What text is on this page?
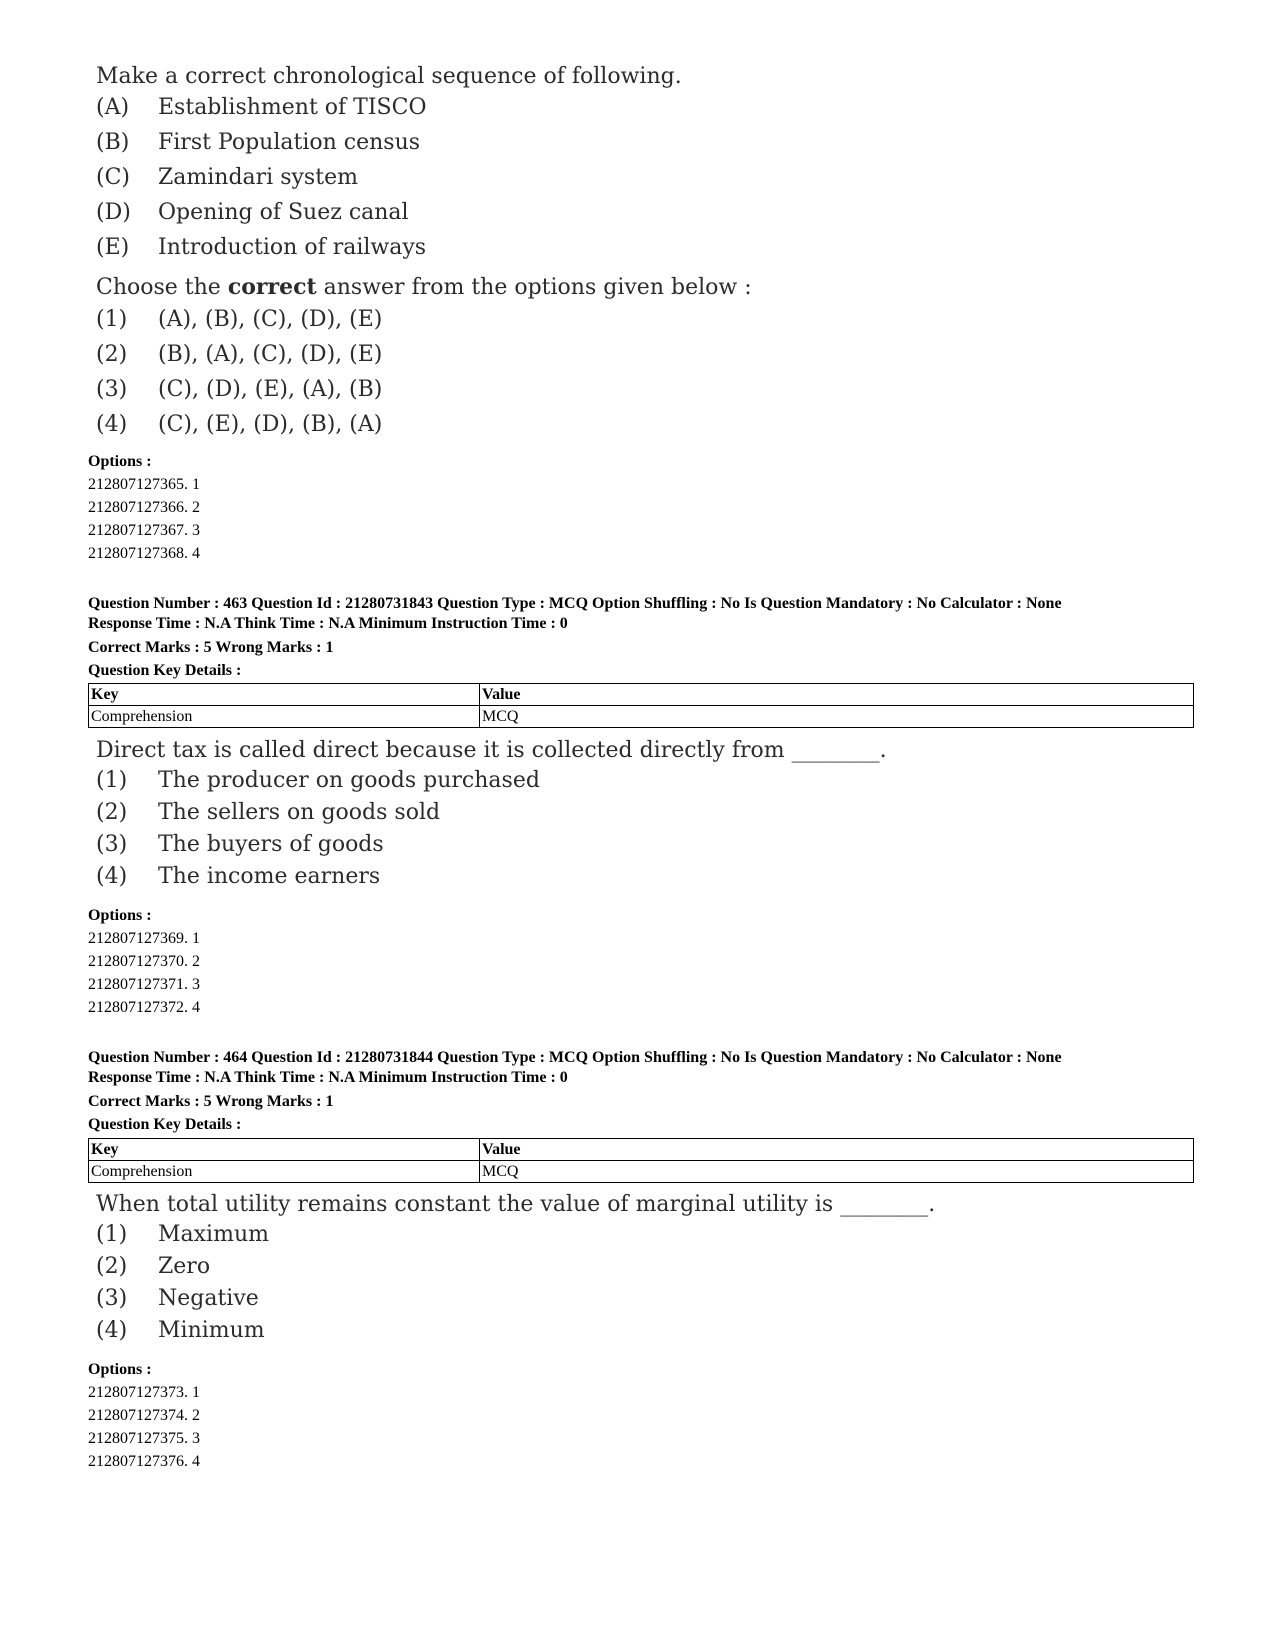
Make a correct chronological sequence of following.
(A)	Establishment of TISCO
(B)	First Population census
(C)	Zamindari system
(D)	Opening of Suez canal
(E)	Introduction of railways
Choose the correct answer from the options given below :
(1)	(A), (B), (C), (D), (E)
(2)	(B), (A), (C), (D), (E)
(3)	(C), (D), (E), (A), (B)
(4)	(C), (E), (D), (B), (A)
Options :
212807127365. 1
212807127366. 2
212807127367. 3
212807127368. 4
Question Number : 463 Question Id : 21280731843 Question Type : MCQ Option Shuffling : No Is Question Mandatory : No Calculator : None
Response Time : N.A Think Time : N.A Minimum Instruction Time : 0
Correct Marks : 5 Wrong Marks : 1
Question Key Details :
Key	Value
Comprehension	MCQ
Direct tax is called direct because it is collected directly from ________.
(1)	The producer on goods purchased
(2)	The sellers on goods sold
(3)	The buyers of goods
(4)	The income earners
Options :
212807127369. 1
212807127370. 2
212807127371. 3
212807127372. 4
Question Number : 464 Question Id : 21280731844 Question Type : MCQ Option Shuffling : No Is Question Mandatory : No Calculator : None
Response Time : N.A Think Time : N.A Minimum Instruction Time : 0
Correct Marks : 5 Wrong Marks : 1
Question Key Details :
Key	Value
Comprehension	MCQ
When total utility remains constant the value of marginal utility is ________.
(1)	Maximum
(2)	Zero
(3)	Negative
(4)	Minimum
Options :
212807127373. 1
212807127374. 2
212807127375. 3
212807127376. 4
